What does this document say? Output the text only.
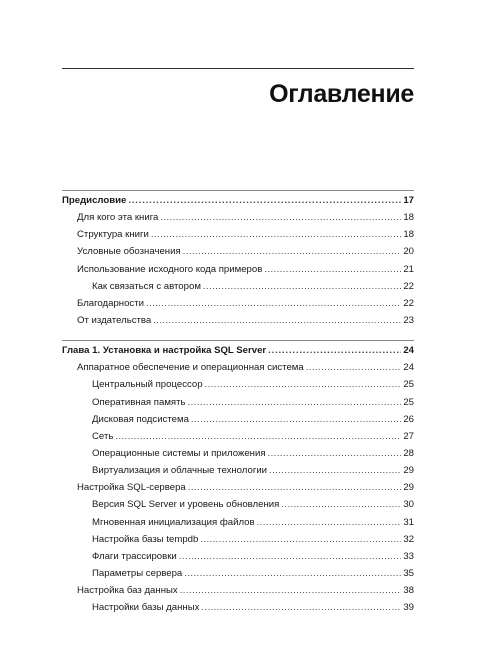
Оглавление
Предисловие .....	17
Для кого эта книга .....	18
Структура книги .....	18
Условные обозначения .....	20
Использование исходного кода примеров .....	21
Как связаться с автором .....	22
Благодарности .....	22
От издательства .....	23
Глава 1. Установка и настройка SQL Server .....	24
Аппаратное обеспечение и операционная система .....	24
Центральный процессор .....	25
Оперативная память .....	25
Дисковая подсистема .....	26
Сеть .....	27
Операционные системы и приложения .....	28
Виртуализация и облачные технологии .....	29
Настройка SQL-сервера .....	29
Версия SQL Server и уровень обновления .....	30
Мгновенная инициализация файлов .....	31
Настройка базы tempdb .....	32
Флаги трассировки .....	33
Параметры сервера .....	35
Настройка баз данных .....	38
Настройки базы данных .....	39
